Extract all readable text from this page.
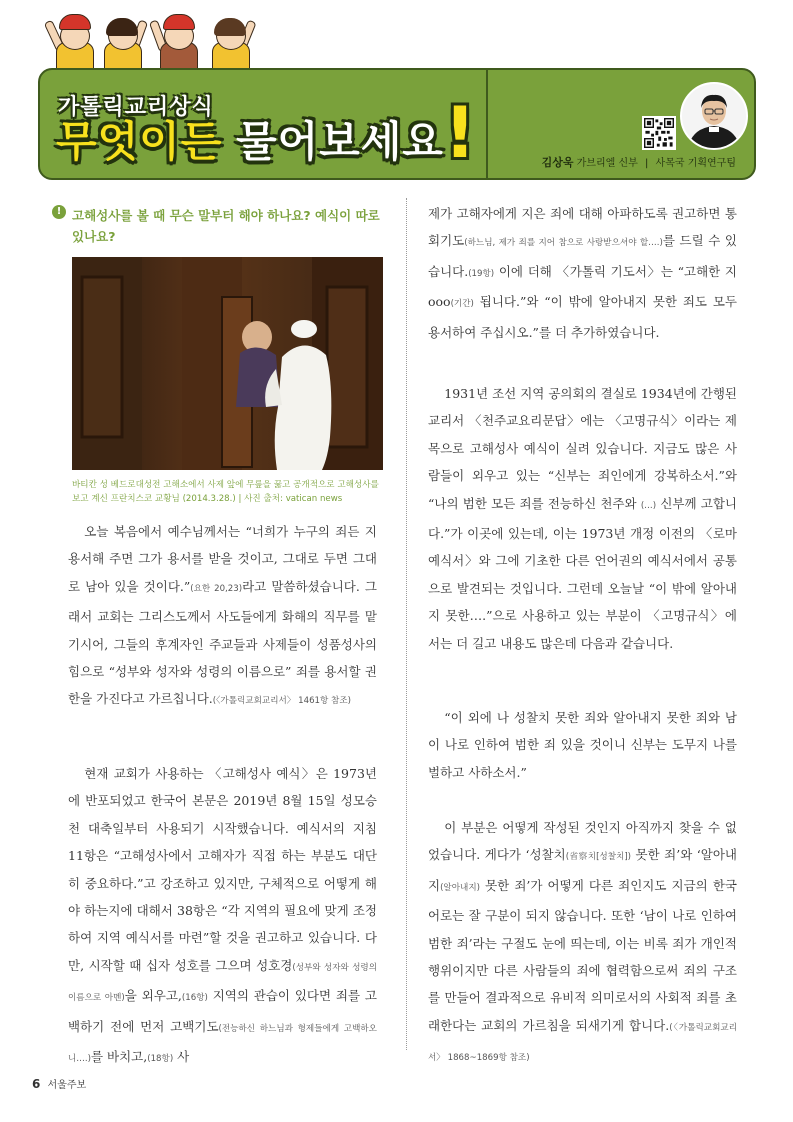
가톨릭교리상식
무엇이든 물어보세요 !	김상욱 가브리엘 신부 | 사목국 기획연구팀
! 고해성사를 볼 때 무슨 말부터 해야 하나요? 예식이 따로 있나요?
바티칸 성 베드로대성전 고해소에서 사제 앞에 무릎을 꿇고 공개적으로 고해성사를 보고 계신 프란치스코 교황님 (2014.3.28.) | 사진 출처: vatican news

오늘 복음에서 예수님께서는 “너희가 누구의 죄든 지 용서해 주면 그가 용서를 받을 것이고, 그대로 두면 그대로 남아 있을 것이다.”(요한 20,23)라고 말씀하셨습니다. 그래서 교회는 그리스도께서 사도들에게 화해의 직무를 맡기시어, 그들의 후계자인 주교들과 사제들이 성품성사의 힘으로 “성부와 성자와 성령의 이름으로” 죄를 용서할 권한을 가진다고 가르칩니다.(〈가톨릭교회교리서〉 1461항 참조)

현재 교회가 사용하는 〈고해성사 예식〉은 1973년에 반포되었고 한국어 본문은 2019년 8월 15일 성모승천 대축일부터 사용되기 시작했습니다. 예식서의 지침 11항은 “고해성사에서 고해자가 직접 하는 부분도 대단히 중요하다.”고 강조하고 있지만, 구체적으로 어떻게 해야 하는지에 대해서 38항은 “각 지역의 필요에 맞게 조정하여 지역 예식서를 마련”할 것을 권고하고 있습니다. 다만, 시작할 때 십자 성호를 그으며 성호경(성부와 성자와 성령의 이름으로 아멘)을 외우고,(16항) 지역의 관습이 있다면 죄를 고백하기 전에 먼저 고백기도(전능하신 하느님과 형제들에게 고백하오니….)를 바치고,(18항) 사

제가 고해자에게 지은 죄에 대해 아파하도록 권고하면 통회기도(하느님, 제가 죄를 지어 참으로 사랑받으셔야 할….)를 드릴 수 있습니다.(19항) 이에 더해 〈가톨릭 기도서〉는 “고해한 지 ooo(기간) 됩니다.”와 “이 밖에 알아내지 못한 죄도 모두 용서하여 주십시오.”를 더 추가하였습니다.

1931년 조선 지역 공의회의 결실로 1934년에 간행된 교리서 〈천주교요리문답〉에는 〈고명규식〉이라는 제목으로 고해성사 예식이 실려 있습니다. 지금도 많은 사람들이 외우고 있는 “신부는 죄인에게 강복하소서.”와 “나의 범한 모든 죄를 전능하신 천주와 (…) 신부께 고합니다.”가 이곳에 있는데, 이는 1973년 개정 이전의 〈로마 예식서〉와 그에 기초한 다른 언어권의 예식서에서 공통으로 발견되는 것입니다. 그런데 오늘날 “이 밖에 알아내지 못한….”으로 사용하고 있는 부분이 〈고명규식〉에서는 더 길고 내용도 많은데 다음과 같습니다.

“이 외에 나 성찰치 못한 죄와 알아내지 못한 죄와 남이 나로 인하여 범한 죄 있을 것이니 신부는 도무지 나를 벌하고 사하소서.”

이 부분은 어떻게 작성된 것인지 아직까지 찾을 수 없었습니다. 게다가 ‘성찰치(省察치[성찰치]) 못한 죄’와 ‘알아내지(알아내지) 못한 죄’가 어떻게 다른 죄인지도 지금의 한국어로는 잘 구분이 되지 않습니다. 또한 ‘남이 나로 인하여 범한 죄’라는 구절도 눈에 띄는데, 이는 비록 죄가 개인적 행위이지만 다른 사람들의 죄에 협력함으로써 죄의 구조를 만들어 결과적으로 유비적 의미로서의 사회적 죄를 초래한다는 교회의 가르침을 되새기게 합니다.(〈가톨릭교회교리서〉 1868~1869항 참조)

6 서울주보
